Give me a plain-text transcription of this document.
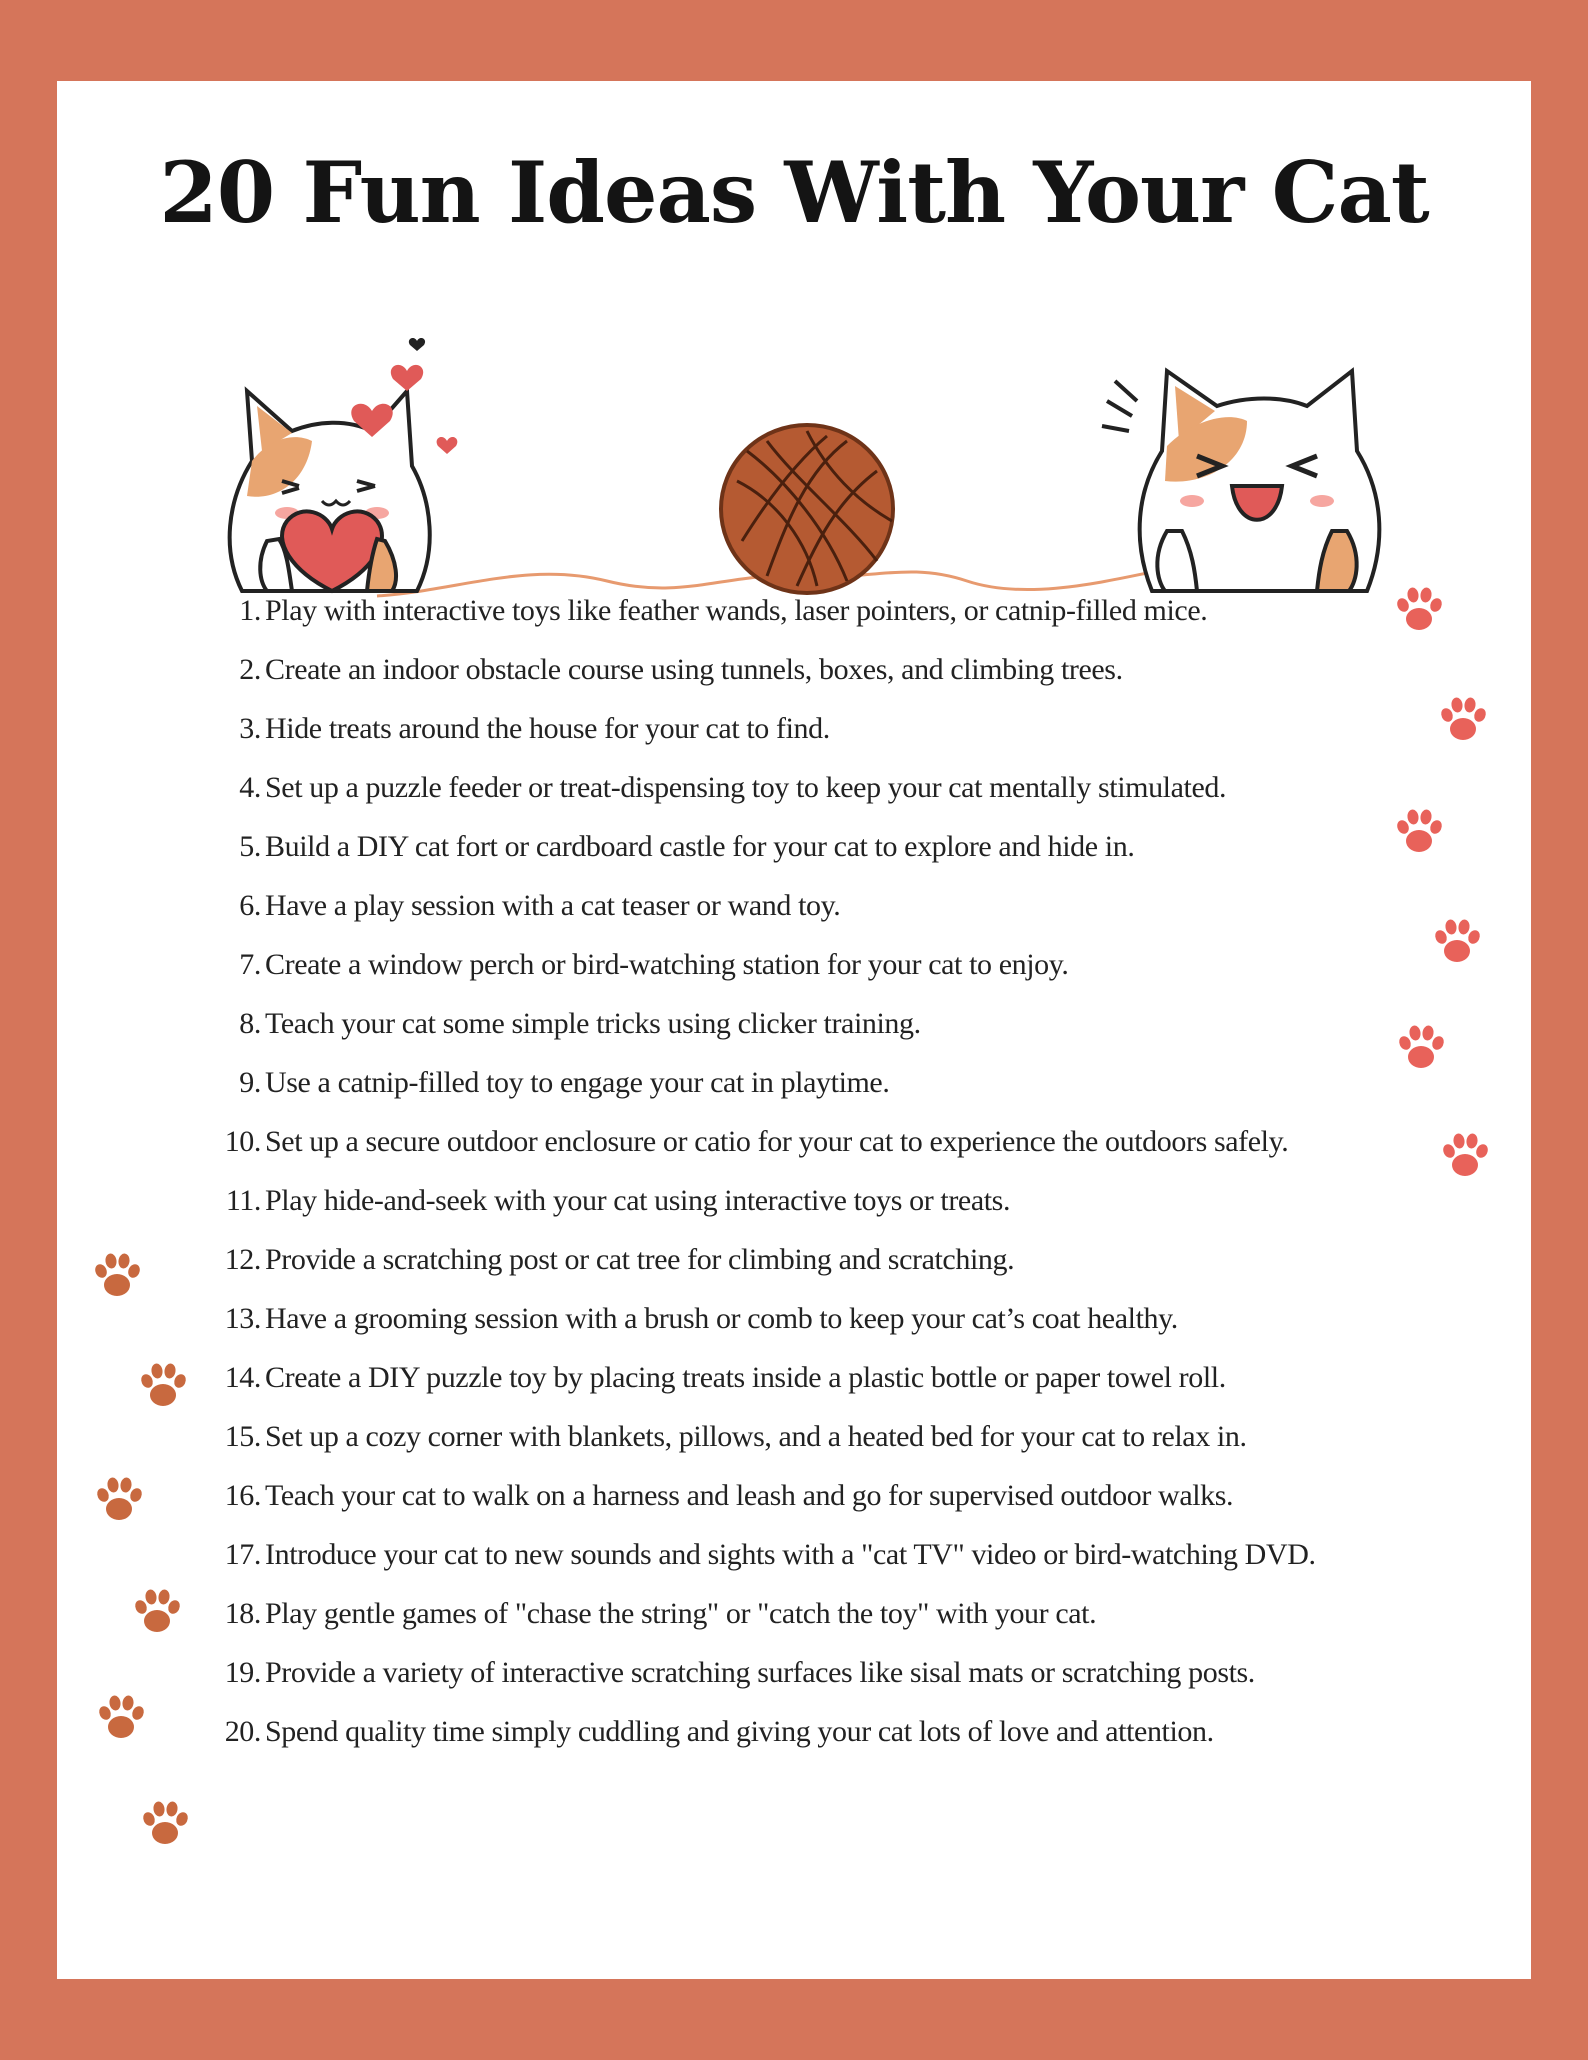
20 Fun Ideas With Your Cat
1. Play with interactive toys like feather wands, laser pointers, or catnip-filled mice.
2. Create an indoor obstacle course using tunnels, boxes, and climbing trees.
3. Hide treats around the house for your cat to find.
4. Set up a puzzle feeder or treat-dispensing toy to keep your cat mentally stimulated.
5. Build a DIY cat fort or cardboard castle for your cat to explore and hide in.
6. Have a play session with a cat teaser or wand toy.
7. Create a window perch or bird-watching station for your cat to enjoy.
8. Teach your cat some simple tricks using clicker training.
9. Use a catnip-filled toy to engage your cat in playtime.
10. Set up a secure outdoor enclosure or catio for your cat to experience the outdoors safely.
11. Play hide-and-seek with your cat using interactive toys or treats.
12. Provide a scratching post or cat tree for climbing and scratching.
13. Have a grooming session with a brush or comb to keep your cat’s coat healthy.
14. Create a DIY puzzle toy by placing treats inside a plastic bottle or paper towel roll.
15. Set up a cozy corner with blankets, pillows, and a heated bed for your cat to relax in.
16. Teach your cat to walk on a harness and leash and go for supervised outdoor walks.
17. Introduce your cat to new sounds and sights with a "cat TV" video or bird-watching DVD.
18. Play gentle games of "chase the string" or "catch the toy" with your cat.
19. Provide a variety of interactive scratching surfaces like sisal mats or scratching posts.
20. Spend quality time simply cuddling and giving your cat lots of love and attention.
